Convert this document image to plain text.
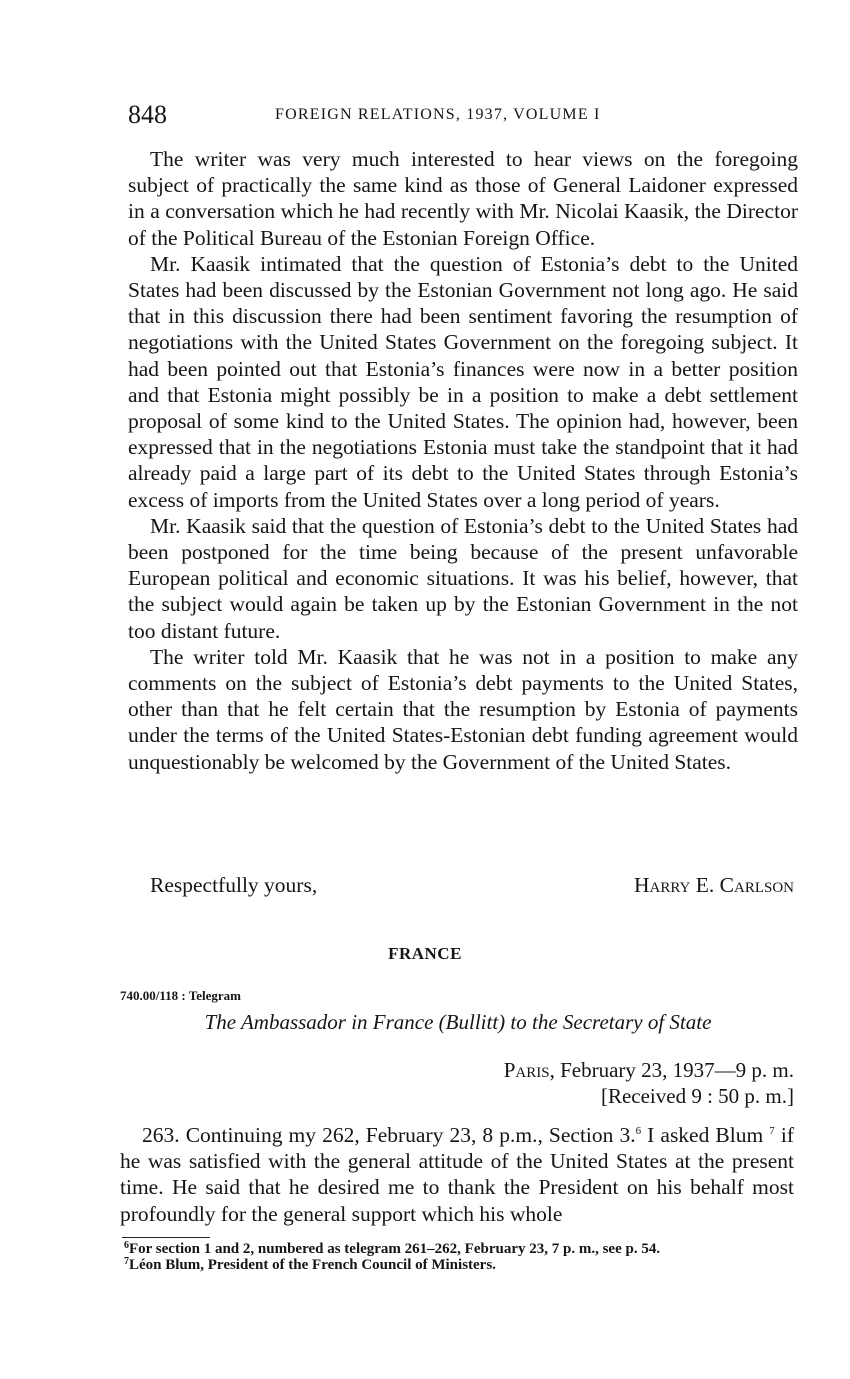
848	FOREIGN RELATIONS, 1937, VOLUME I

The writer was very much interested to hear views on the foregoing subject of practically the same kind as those of General Laidoner expressed in a conversation which he had recently with Mr. Nicolai Kaasik, the Director of the Political Bureau of the Estonian Foreign Office.

Mr. Kaasik intimated that the question of Estonia’s debt to the United States had been discussed by the Estonian Government not long ago. He said that in this discussion there had been sentiment favoring the resumption of negotiations with the United States Government on the foregoing subject. It had been pointed out that Estonia’s finances were now in a better position and that Estonia might possibly be in a position to make a debt settlement proposal of some kind to the United States. The opinion had, however, been expressed that in the negotiations Estonia must take the standpoint that it had already paid a large part of its debt to the United States through Estonia’s excess of imports from the United States over a long period of years.

Mr. Kaasik said that the question of Estonia’s debt to the United States had been postponed for the time being because of the present unfavorable European political and economic situations. It was his belief, however, that the subject would again be taken up by the Estonian Government in the not too distant future.

The writer told Mr. Kaasik that he was not in a position to make any comments on the subject of Estonia’s debt payments to the United States, other than that he felt certain that the resumption by Estonia of payments under the terms of the United States-Estonian debt funding agreement would unquestionably be welcomed by the Government of the United States.

Respectfully yours,	Harry E. Carlson
FRANCE
740.00/118 : Telegram
The Ambassador in France (Bullitt) to the Secretary of State
Paris, February 23, 1937—9 p. m.
[Received 9 : 50 p. m.]

263. Continuing my 262, February 23, 8 p.m., Section 3.$^6$ I asked Blum $^7$ if he was satisfied with the general attitude of the United States at the present time. He said that he desired me to thank the President on his behalf most profoundly for the general support which his whole

$^6$For section 1 and 2, numbered as telegram 261–262, February 23, 7 p. m., see p. 54.

$^7$Léon Blum, President of the French Council of Ministers.
